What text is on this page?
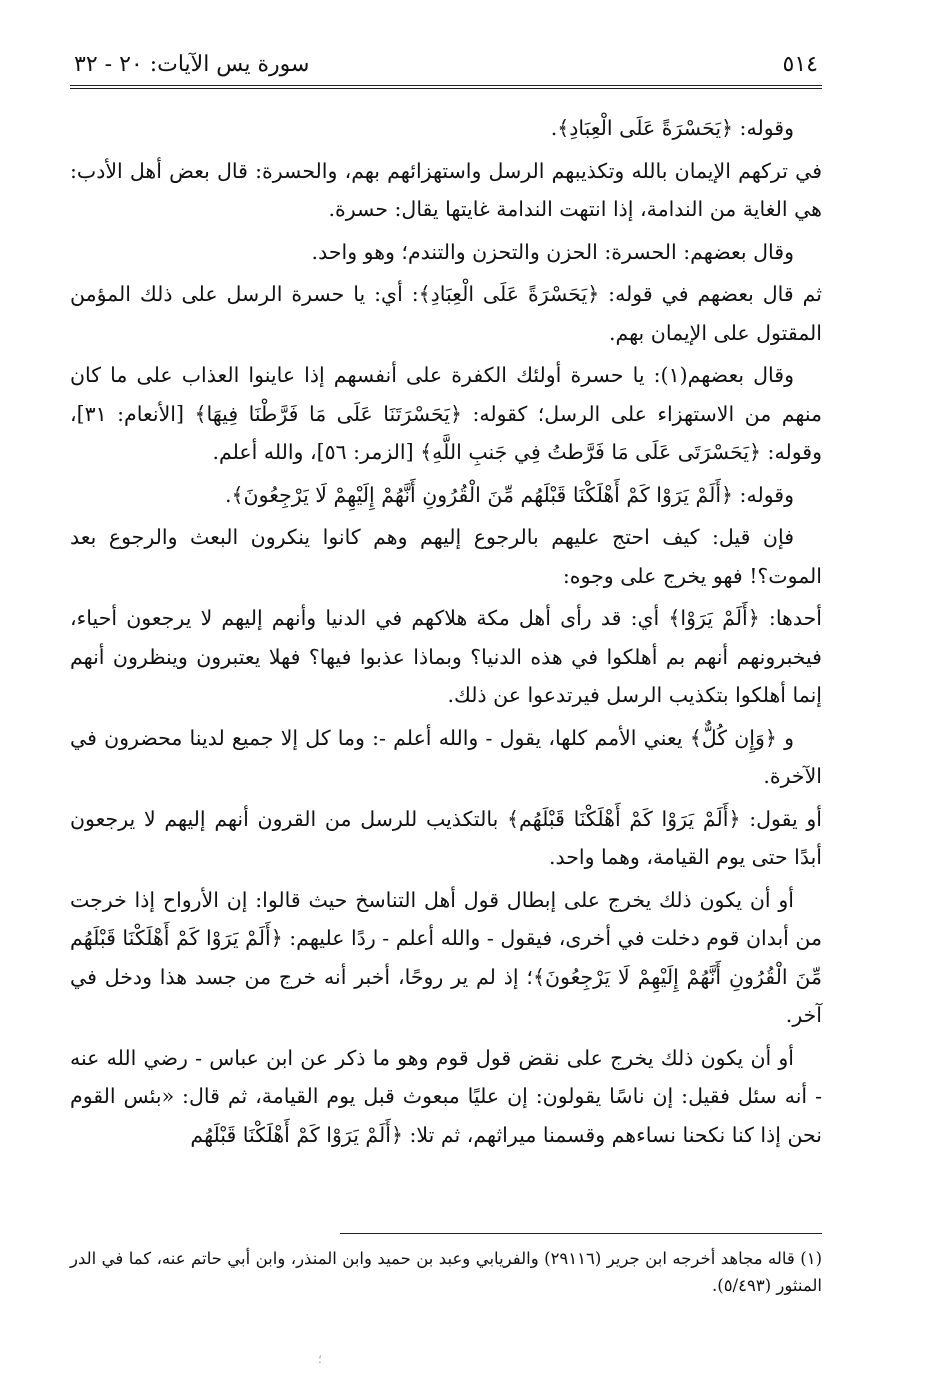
٥١٤
سورة يس الآيات: ٢٠ - ٣٢

وقوله: ﴿يَحَسْرَةً عَلَى الْعِبَادِ﴾.

في تركهم الإيمان بالله وتكذيبهم الرسل واستهزائهم بهم، والحسرة: قال بعض أهل الأدب: هي الغاية من الندامة، إذا انتهت الندامة غايتها يقال: حسرة.

وقال بعضهم: الحسرة: الحزن والتحزن والتندم؛ وهو واحد.

ثم قال بعضهم في قوله: ﴿يَحَسْرَةً عَلَى الْعِبَادِ﴾: أي: يا حسرة الرسل على ذلك المؤمن المقتول على الإيمان بهم.

وقال بعضهم(١): يا حسرة أولئك الكفرة على أنفسهم إذا عاينوا العذاب على ما كان منهم من الاستهزاء على الرسل؛ كقوله: ﴿يَحَسْرَتَنَا عَلَى مَا فَرَّطْنَا فِيهَا﴾ [الأنعام: ٣١]، وقوله: ﴿يَحَسْرَتَى عَلَى مَا فَرَّطتُ فِي جَنبِ اللَّهِ﴾ [الزمر: ٥٦]، والله أعلم.

وقوله: ﴿أَلَمْ يَرَوْا كَمْ أَهْلَكْنَا قَبْلَهُم مِّنَ الْقُرُونِ أَنَّهُمْ إِلَيْهِمْ لَا يَرْجِعُونَ﴾.

فإن قيل: كيف احتج عليهم بالرجوع إليهم وهم كانوا ينكرون البعث والرجوع بعد الموت؟! فهو يخرج على وجوه:

أحدها: ﴿أَلَمْ يَرَوْا﴾ أي: قد رأى أهل مكة هلاكهم في الدنيا وأنهم إليهم لا يرجعون أحياء، فيخبرونهم أنهم بم أهلكوا في هذه الدنيا؟ وبماذا عذبوا فيها؟ فهلا يعتبرون وينظرون أنهم إنما أهلكوا بتكذيب الرسل فيرتدعوا عن ذلك.

و ﴿وَإِن كُلٌّ﴾ يعني الأمم كلها، يقول - والله أعلم -: وما كل إلا جميع لدينا محضرون في الآخرة.

أو يقول: ﴿أَلَمْ يَرَوْا كَمْ أَهْلَكْنَا قَبْلَهُم﴾ بالتكذيب للرسل من القرون أنهم إليهم لا يرجعون أبدًا حتى يوم القيامة، وهما واحد.

أو أن يكون ذلك يخرج على إبطال قول أهل التناسخ حيث قالوا: إن الأرواح إذا خرجت من أبدان قوم دخلت في أخرى، فيقول - والله أعلم - ردًا عليهم: ﴿أَلَمْ يَرَوْا كَمْ أَهْلَكْنَا قَبْلَهُم مِّنَ الْقُرُونِ أَنَّهُمْ إِلَيْهِمْ لَا يَرْجِعُونَ﴾؛ إذ لم ير روحًا، أخبر أنه خرج من جسد هذا ودخل في آخر.

أو أن يكون ذلك يخرج على نقض قول قوم وهو ما ذكر عن ابن عباس - رضي الله عنه - أنه سئل فقيل: إن ناسًا يقولون: إن عليًا مبعوث قبل يوم القيامة، ثم قال: «بئس القوم نحن إذا كنا نكحنا نساءهم وقسمنا ميراثهم، ثم تلا: ﴿أَلَمْ يَرَوْا كَمْ أَهْلَكْنَا قَبْلَهُم

(١) قاله مجاهد أخرجه ابن جرير (٢٩١١٦) والفريابي وعبد بن حميد وابن المنذر، وابن أبي حاتم عنه، كما في الدر المنثور (٥/٤٩٣).
؛
